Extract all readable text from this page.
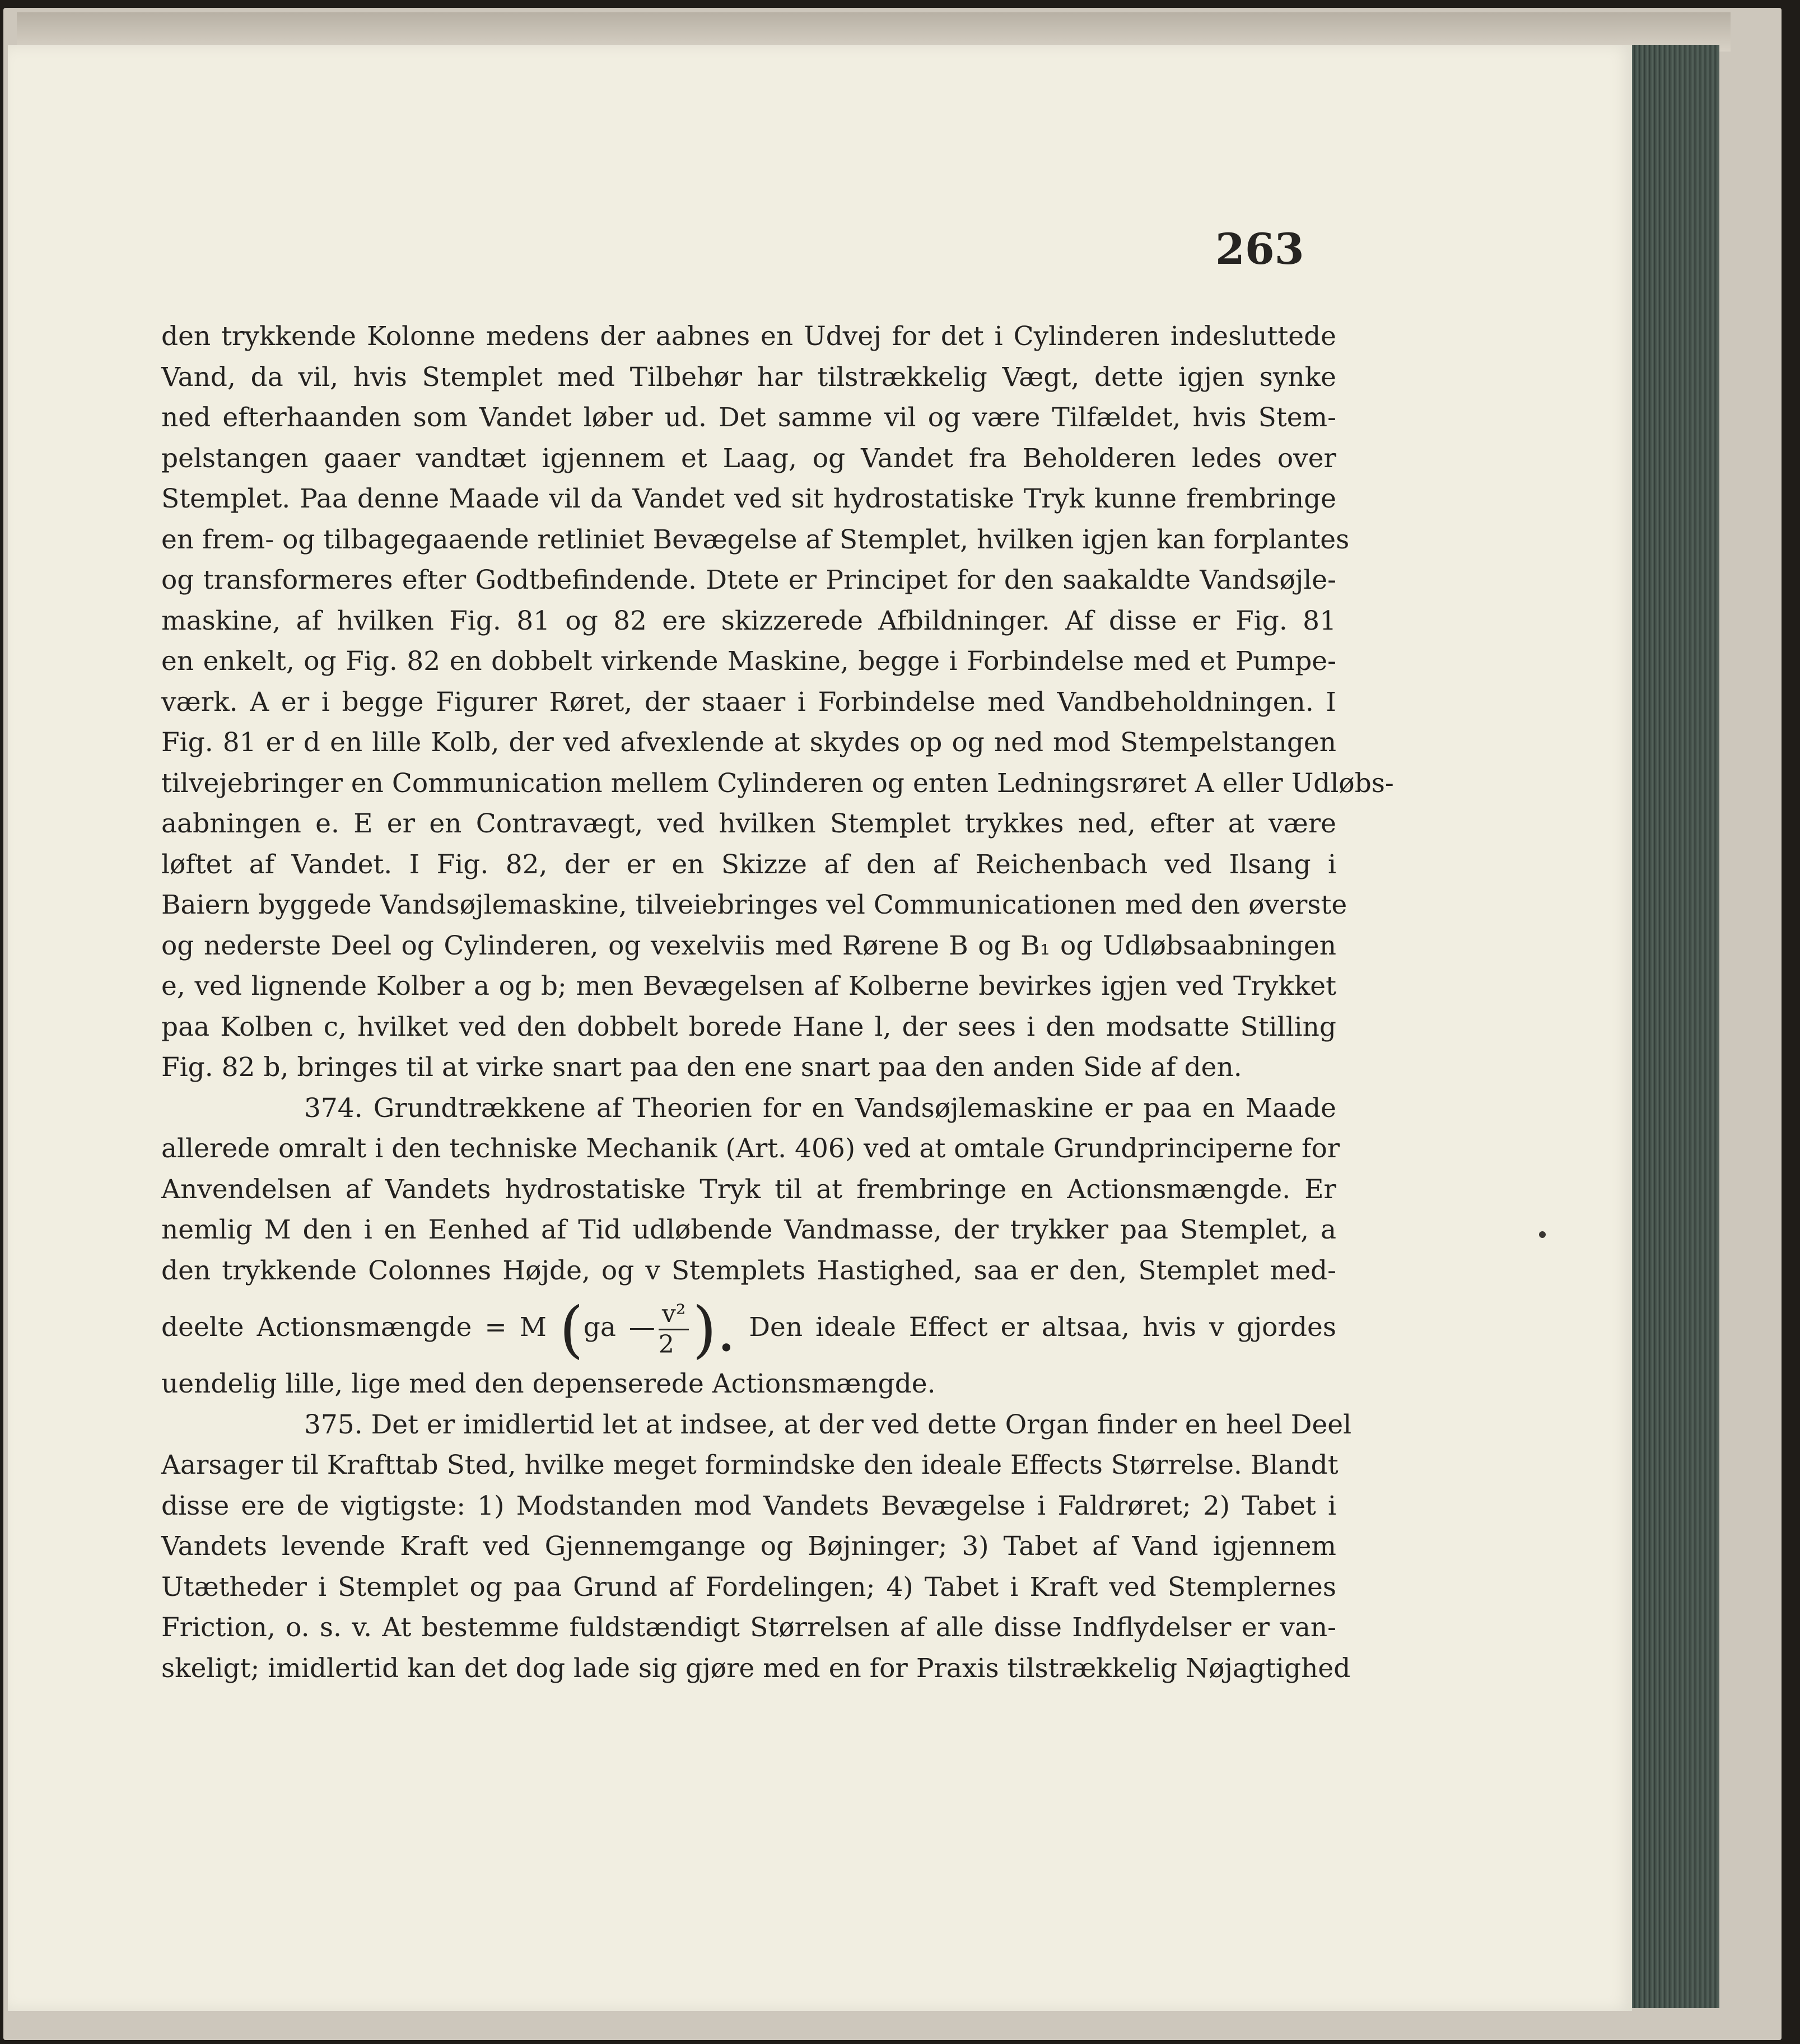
263
den trykkende Kolonne medens der aabnes en Udvej for det i Cylinderen indesluttede
Vand, da vil, hvis Stemplet med Tilbehør har tilstrækkelig Vægt, dette igjen synke
ned efterhaanden som Vandet løber ud. Det samme vil og være Tilfældet, hvis Stem-
pelstangen gaaer vandtæt igjennem et Laag, og Vandet fra Beholderen ledes over
Stemplet. Paa denne Maade vil da Vandet ved sit hydrostatiske Tryk kunne frembringe
en frem- og tilbagegaaende retliniet Bevægelse af Stemplet, hvilken igjen kan forplantes
og transformeres efter Godtbefindende. Dtete er Principet for den saakaldte Vandsøjle-
maskine, af hvilken Fig. 81 og 82 ere skizzerede Afbildninger. Af disse er Fig. 81
en enkelt, og Fig. 82 en dobbelt virkende Maskine, begge i Forbindelse med et Pumpe-
værk. A er i begge Figurer Røret, der staaer i Forbindelse med Vandbeholdningen. I
Fig. 81 er d en lille Kolb, der ved afvexlende at skydes op og ned mod Stempelstangen
tilvejebringer en Communication mellem Cylinderen og enten Ledningsrøret A eller Udløbs-
aabningen e. E er en Contravægt, ved hvilken Stemplet trykkes ned, efter at være
løftet af Vandet. I Fig. 82, der er en Skizze af den af Reichenbach ved Ilsang i
Baiern byggede Vandsøjlemaskine, tilveiebringes vel Communicationen med den øverste
og nederste Deel og Cylinderen, og vexelviis med Rørene B og B₁ og Udløbsaabningen
e, ved lignende Kolber a og b; men Bevægelsen af Kolberne bevirkes igjen ved Trykket
paa Kolben c, hvilket ved den dobbelt borede Hane l, der sees i den modsatte Stilling
Fig. 82 b, bringes til at virke snart paa den ene snart paa den anden Side af den.
374. Grundtrækkene af Theorien for en Vandsøjlemaskine er paa en Maade
allerede omralt i den techniske Mechanik (Art. 406) ved at omtale Grundprinciperne for
Anvendelsen af Vandets hydrostatiske Tryk til at frembringe en Actionsmængde. Er
nemlig M den i en Eenhed af Tid udløbende Vandmasse, der trykker paa Stemplet, a
den trykkende Colonnes Højde, og v Stemplets Hastighed, saa er den, Stemplet med-
deelte Actionsmængde = M (ga — $\frac{\text{v²}}{2}$ ). Den ideale Effect er altsaa, hvis v gjordes
uendelig lille, lige med den depenserede Actionsmængde.
375. Det er imidlertid let at indsee, at der ved dette Organ finder en heel Deel
Aarsager til Krafttab Sted, hvilke meget formindske den ideale Effects Størrelse. Blandt
disse ere de vigtigste: 1) Modstanden mod Vandets Bevægelse i Faldrøret; 2) Tabet i
Vandets levende Kraft ved Gjennemgange og Bøjninger; 3) Tabet af Vand igjennem
Utætheder i Stemplet og paa Grund af Fordelingen; 4) Tabet i Kraft ved Stemplernes
Friction, o. s. v. At bestemme fuldstændigt Størrelsen af alle disse Indflydelser er van-
skeligt; imidlertid kan det dog lade sig gjøre med en for Praxis tilstrækkelig Nøjagtighed
